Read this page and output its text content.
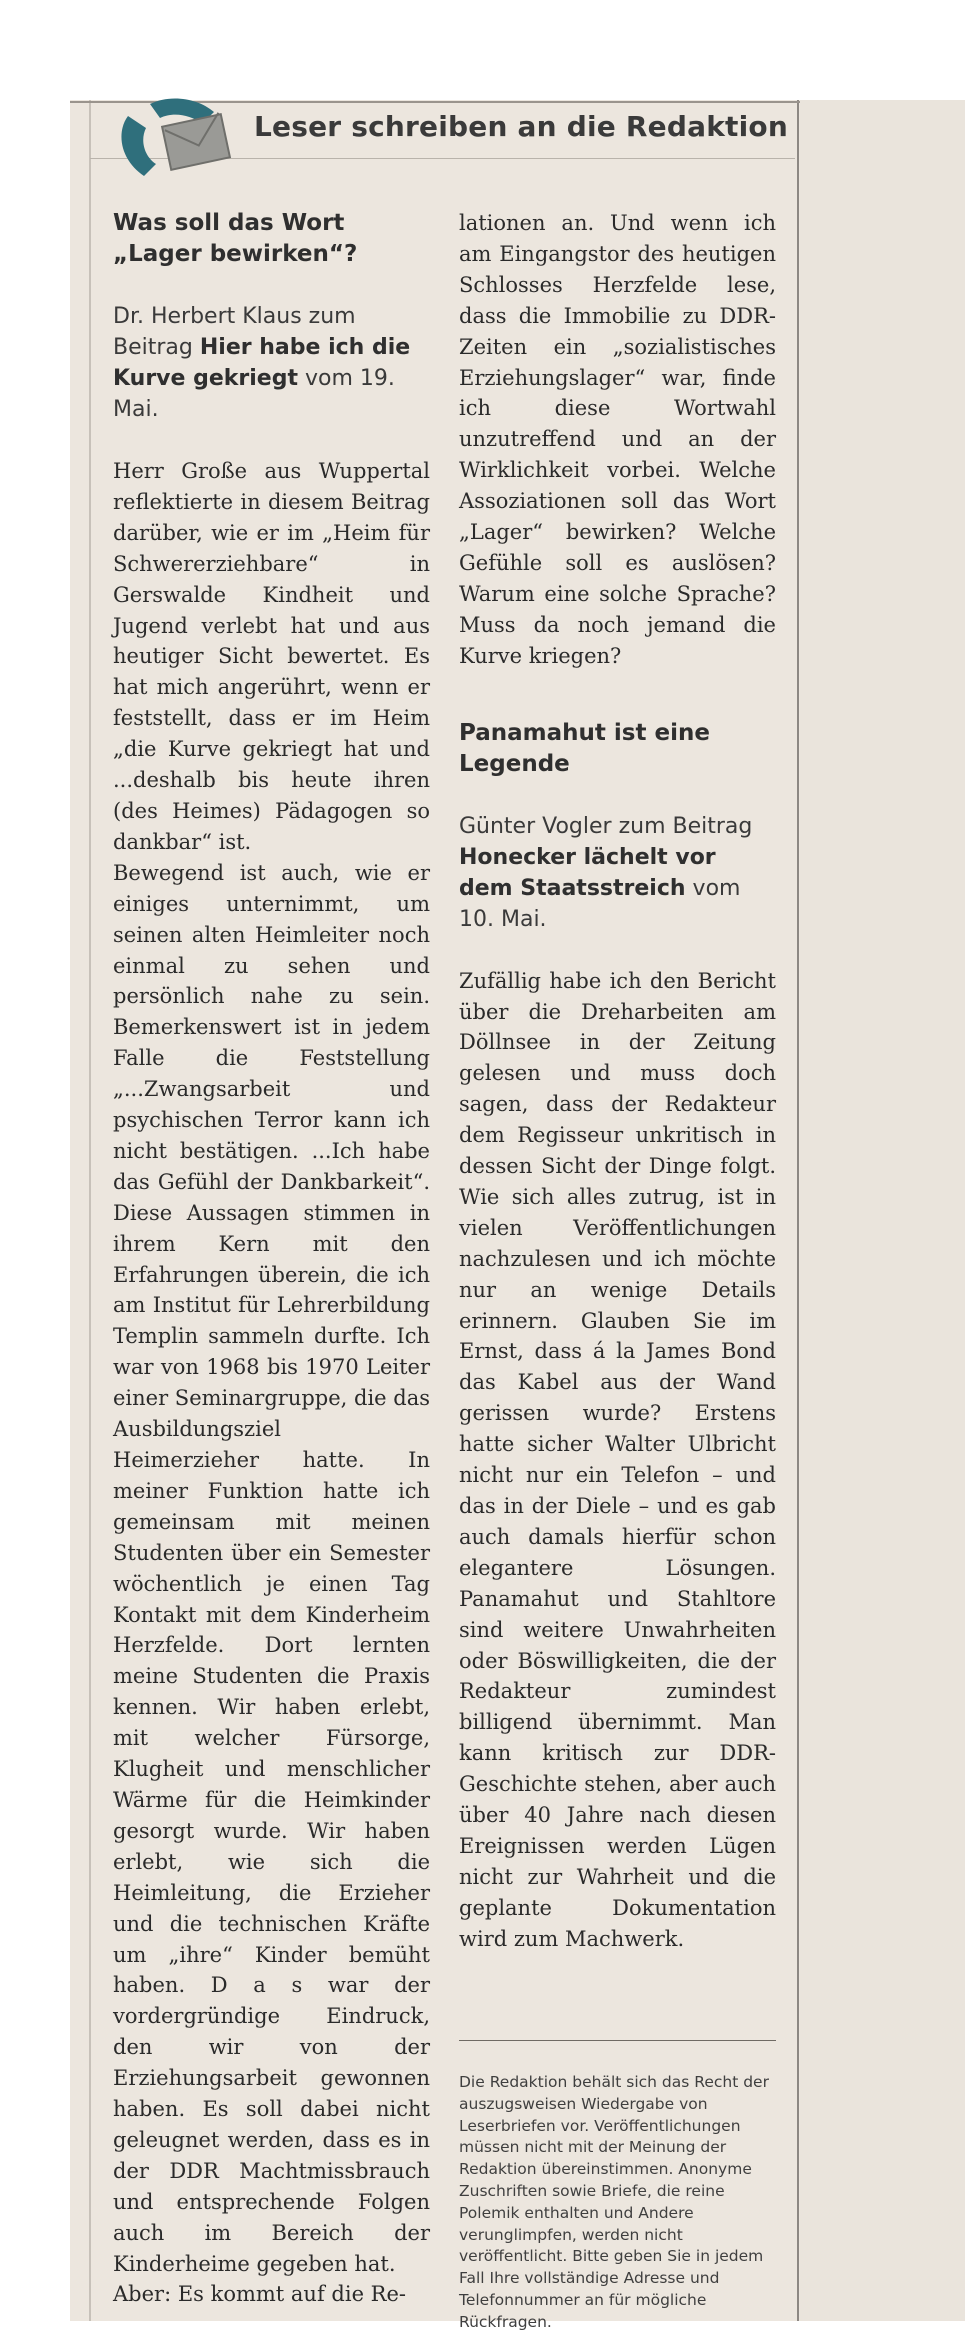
Leser schreiben an die Redaktion

Was soll das Wort „Lager bewirken“?

Dr. Herbert Klaus zum Beitrag Hier habe ich die Kurve gekriegt vom 19. Mai.

Herr Große aus Wuppertal reflektierte in diesem Beitrag darüber, wie er im „Heim für Schwererziehbare“ in Gerswalde Kindheit und Jugend verlebt hat und aus heutiger Sicht bewertet. Es hat mich angerührt, wenn er feststellt, dass er im Heim „die Kurve gekriegt hat und ...deshalb bis heute ihren (des Heimes) Pädagogen so dankbar“ ist.

Bewegend ist auch, wie er einiges unternimmt, um seinen alten Heimleiter noch einmal zu sehen und persönlich nahe zu sein. Bemerkenswert ist in jedem Falle die Feststellung „...Zwangsarbeit und psychischen Terror kann ich nicht bestätigen. ...Ich habe das Gefühl der Dankbarkeit“. Diese Aussagen stimmen in ihrem Kern mit den Erfahrungen überein, die ich am Institut für Lehrerbildung Templin sammeln durfte. Ich war von 1968 bis 1970 Leiter einer Seminargruppe, die das Ausbildungsziel Heimerzieher hatte. In meiner Funktion hatte ich gemeinsam mit meinen Studenten über ein Semester wöchentlich je einen Tag Kontakt mit dem Kinderheim Herzfelde. Dort lernten meine Studenten die Praxis kennen. Wir haben erlebt, mit welcher Fürsorge, Klugheit und menschlicher Wärme für die Heimkinder gesorgt wurde. Wir haben erlebt, wie sich die Heimleitung, die Erzieher und die technischen Kräfte um „ihre“ Kinder bemüht haben. D a s war der vordergründige Eindruck, den wir von der Erziehungsarbeit gewonnen haben. Es soll dabei nicht geleugnet werden, dass es in der DDR Machtmissbrauch und entsprechende Folgen auch im Bereich der Kinderheime gegeben hat.

Aber: Es kommt auf die Re-

lationen an. Und wenn ich am Eingangstor des heutigen Schlosses Herzfelde lese, dass die Immobilie zu DDR-Zeiten ein „sozialistisches Erziehungslager“ war, finde ich diese Wortwahl unzutreffend und an der Wirklichkeit vorbei. Welche Assoziationen soll das Wort „Lager“ bewirken? Welche Gefühle soll es auslösen? Warum eine solche Sprache? Muss da noch jemand die Kurve kriegen?

Panamahut ist eine Legende

Günter Vogler zum Beitrag Honecker lächelt vor dem Staatsstreich vom 10. Mai.

Zufällig habe ich den Bericht über die Dreharbeiten am Döllnsee in der Zeitung gelesen und muss doch sagen, dass der Redakteur dem Regisseur unkritisch in dessen Sicht der Dinge folgt. Wie sich alles zutrug, ist in vielen Veröffentlichungen nachzulesen und ich möchte nur an wenige Details erinnern. Glauben Sie im Ernst, dass á la James Bond das Kabel aus der Wand gerissen wurde? Erstens hatte sicher Walter Ulbricht nicht nur ein Telefon – und das in der Diele – und es gab auch damals hierfür schon elegantere Lösungen. Panamahut und Stahltore sind weitere Unwahrheiten oder Böswilligkeiten, die der Redakteur zumindest billigend übernimmt. Man kann kritisch zur DDR-Geschichte stehen, aber auch über 40 Jahre nach diesen Ereignissen werden Lügen nicht zur Wahrheit und die geplante Dokumentation wird zum Machwerk.

Die Redaktion behält sich das Recht der auszugsweisen Wiedergabe von Leserbriefen vor. Veröffentlichungen müssen nicht mit der Meinung der Redaktion übereinstimmen. Anonyme Zuschriften sowie Briefe, die reine Polemik enthalten und Andere verunglimpfen, werden nicht veröffentlicht. Bitte geben Sie in jedem Fall Ihre vollständige Adresse und Telefonnummer an für mögliche Rückfragen.
